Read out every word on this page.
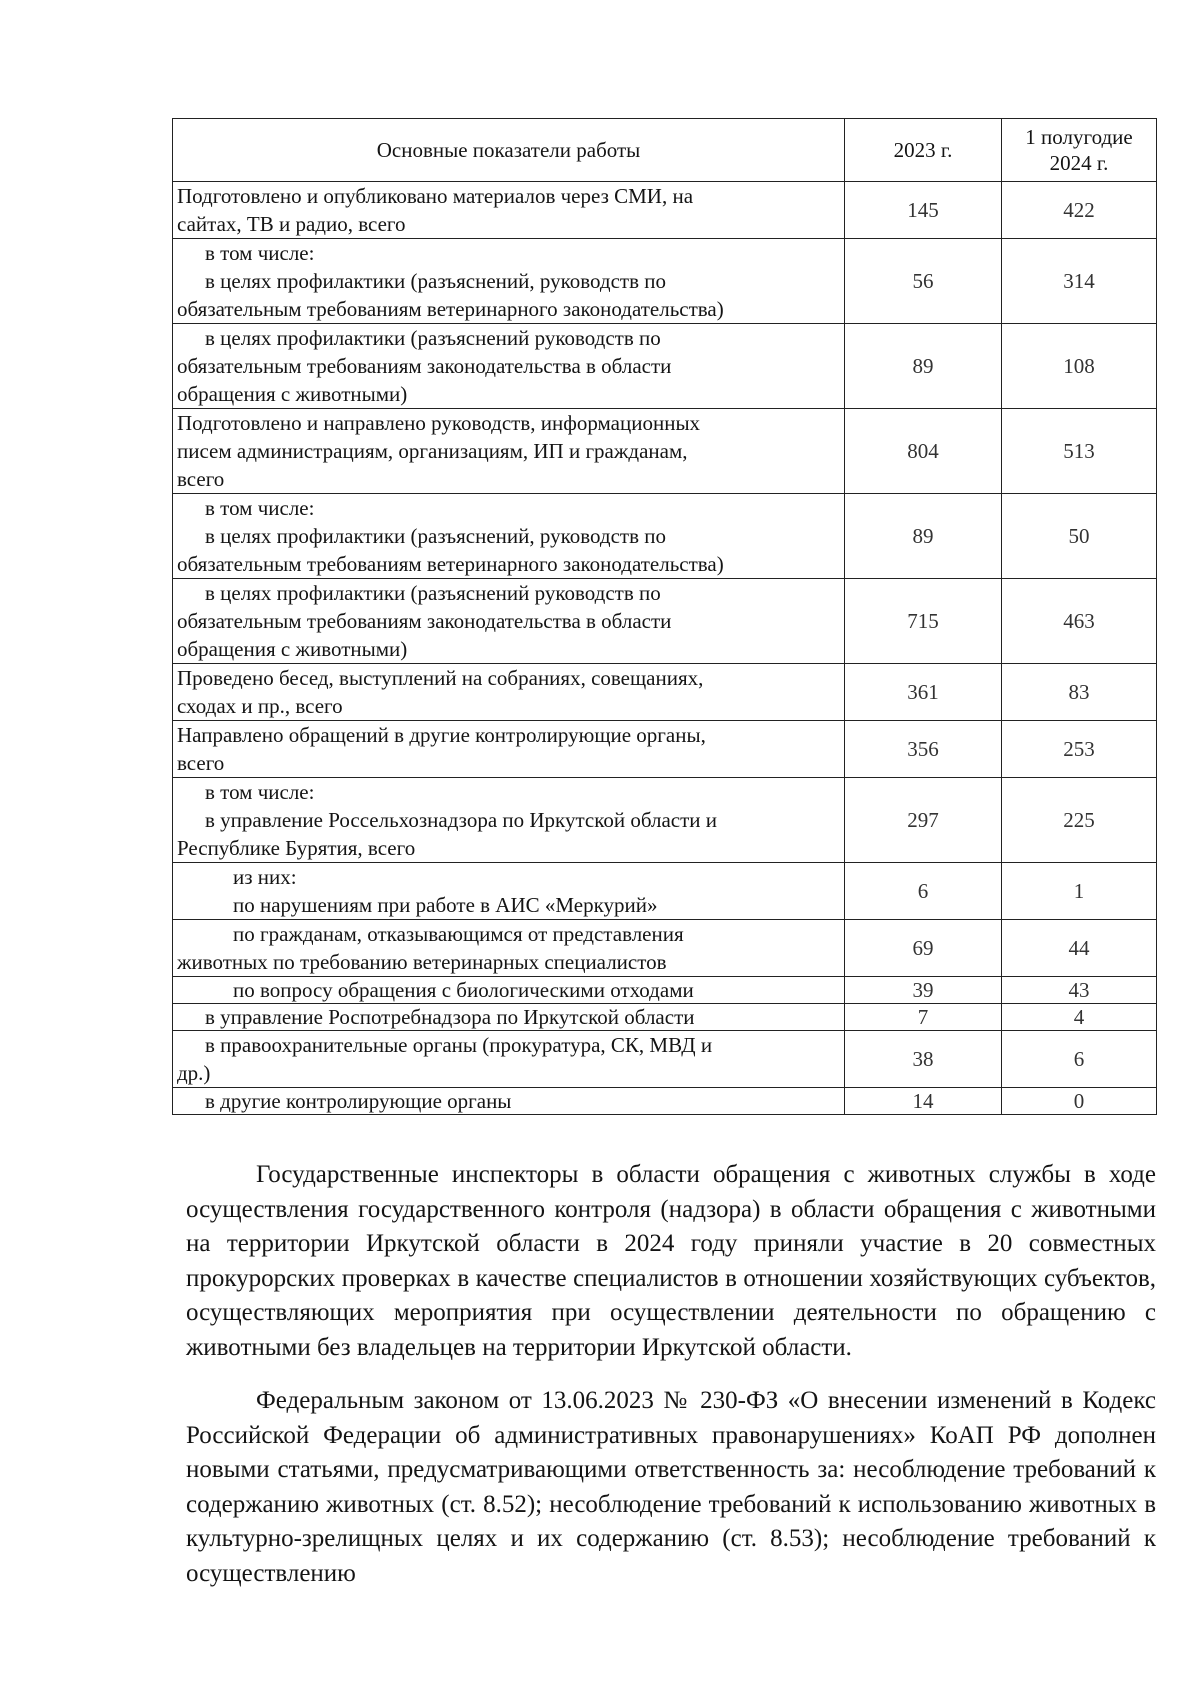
Основные показатели работы	2023 г.	1 полугодие 2024 г.

Подготовлено и опубликовано материалов через СМИ, на
сайтах, ТВ и радио, всего	145	422

в том числе:
в целях профилактики (разъяснений, руководств по
обязательным требованиям ветеринарного законодательства)	56	314

в целях профилактики (разъяснений руководств по
обязательным требованиям законодательства в области
обращения с животными)	89	108

Подготовлено и направлено руководств, информационных
писем администрациям, организациям, ИП и гражданам,
всего	804	513

в том числе:
в целях профилактики (разъяснений, руководств по
обязательным требованиям ветеринарного законодательства)	89	50

в целях профилактики (разъяснений руководств по
обязательным требованиям законодательства в области
обращения с животными)	715	463

Проведено бесед, выступлений на собраниях, совещаниях,
сходах и пр., всего	361	83

Направлено обращений в другие контролирующие органы,
всего	356	253

в том числе:
в управление Россельхознадзора по Иркутской области и
Республике Бурятия, всего	297	225

из них:
по нарушениям при работе в АИС «Меркурий»	6	1

по гражданам, отказывающимся от представления
животных по требованию ветеринарных специалистов	69	44

по вопросу обращения с биологическими отходами	39	43

в управление Роспотребнадзора по Иркутской области	7	4

в правоохранительные органы (прокуратура, СК, МВД и
др.)	38	6

в другие контролирующие органы	14	0

Государственные инспекторы в области обращения с животных службы в ходе осуществления государственного контроля (надзора) в области обращения с животными на территории Иркутской области в 2024 году приняли участие в 20 совместных прокурорских проверках в качестве специалистов в отношении хозяйствующих субъектов, осуществляющих мероприятия при осуществлении деятельности по обращению с животными без владельцев на территории Иркутской области.

Федеральным законом от 13.06.2023 № 230-ФЗ «О внесении изменений в Кодекс Российской Федерации об административных правонарушениях» КоАП РФ дополнен новыми статьями, предусматривающими ответственность за: несоблюдение требований к содержанию животных (ст. 8.52); несоблюдение требований к использованию животных в культурно-зрелищных целях и их содержанию (ст. 8.53); несоблюдение требований к осуществлению
